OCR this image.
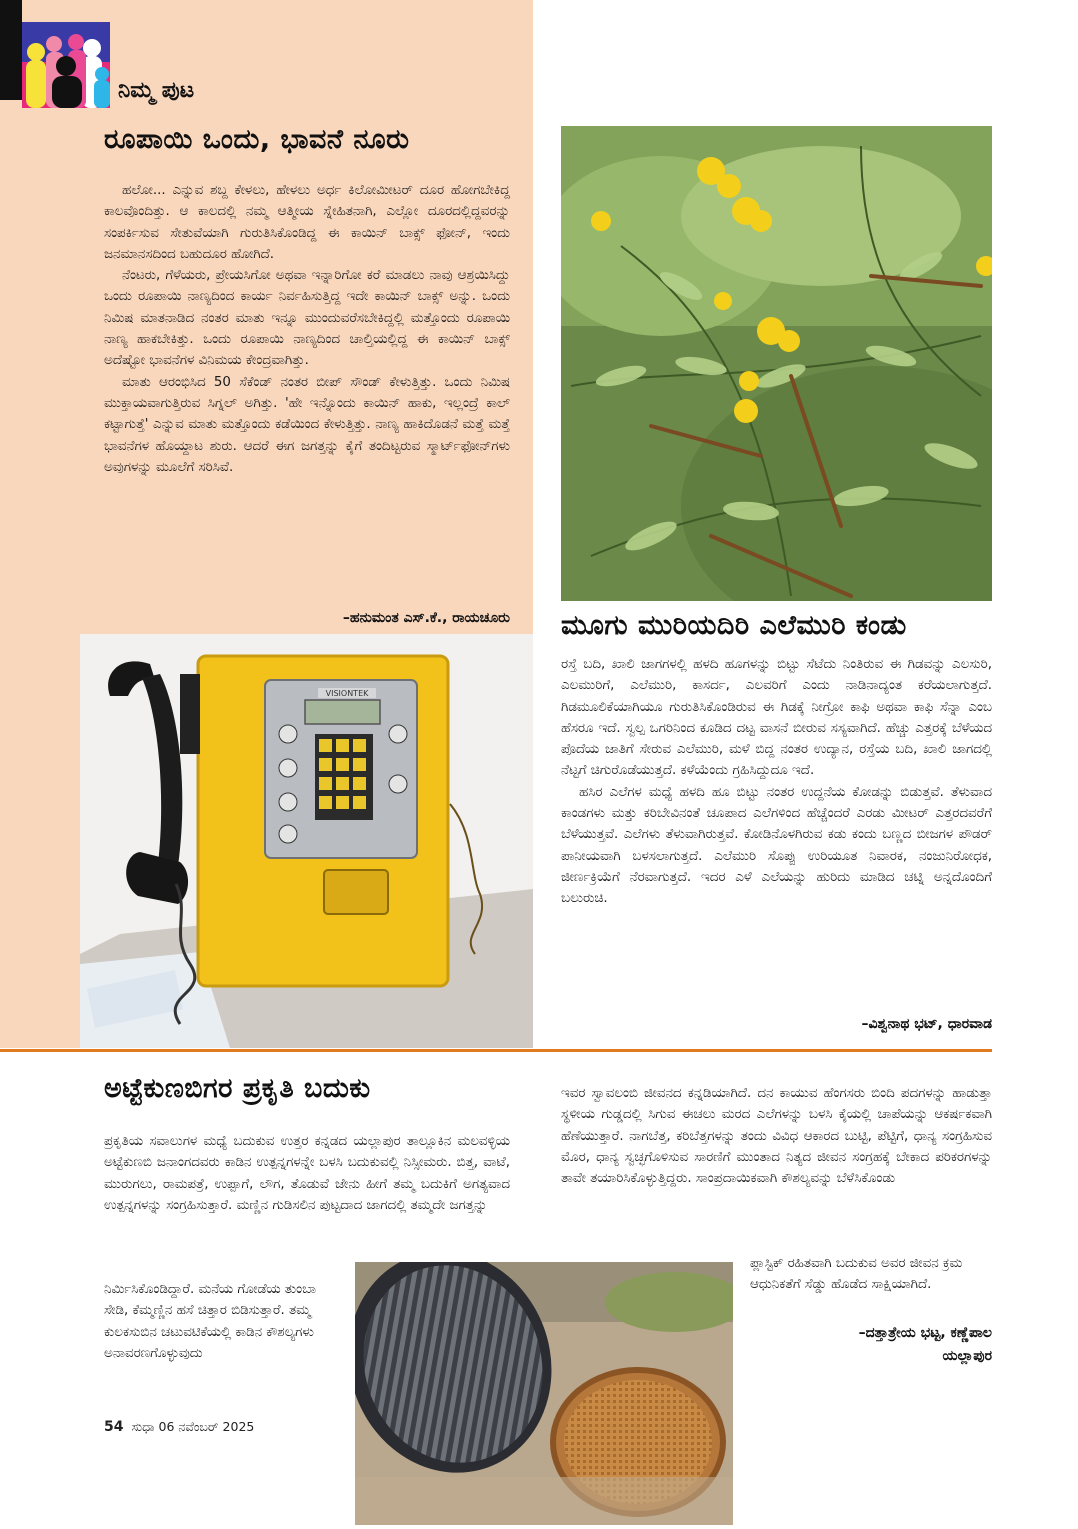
ನಿಮ್ಮ ಪುಟ
ರೂಪಾಯಿ ಒಂದು, ಭಾವನೆ ನೂರು

ಹಲೋ... ಎನ್ನುವ ಶಬ್ದ ಕೇಳಲು, ಹೇಳಲು ಅರ್ಧ ಕಿಲೋಮೀಟರ್ ದೂರ ಹೋಗಬೇಕಿದ್ದ ಕಾಲವೊಂದಿತ್ತು. ಆ ಕಾಲದಲ್ಲಿ ನಮ್ಮ ಆತ್ಮೀಯ ಸ್ನೇಹಿತನಾಗಿ, ಎಲ್ಲೋ ದೂರದಲ್ಲಿದ್ದವರನ್ನು ಸಂಪರ್ಕಿಸುವ ಸೇತುವೆಯಾಗಿ ಗುರುತಿಸಿಕೊಂಡಿದ್ದ ಈ ಕಾಯಿನ್ ಬಾಕ್ಸ್ ಫೋನ್, ಇಂದು ಜನಮಾನಸದಿಂದ ಬಹುದೂರ ಹೋಗಿದೆ.

ನೆಂಟರು, ಗೆಳೆಯರು, ಪ್ರೇಯಸಿಗೋ ಅಥವಾ ಇನ್ನಾರಿಗೋ ಕರೆ ಮಾಡಲು ನಾವು ಆಶ್ರಯಿಸಿದ್ದು ಒಂದು ರೂಪಾಯಿ ನಾಣ್ಯದಿಂದ ಕಾರ್ಯ ನಿರ್ವಹಿಸುತ್ತಿದ್ದ ಇದೇ ಕಾಯಿನ್ ಬಾಕ್ಸ್ ಅನ್ನು. ಒಂದು ನಿಮಿಷ ಮಾತನಾಡಿದ ನಂತರ ಮಾತು ಇನ್ನೂ ಮುಂದುವರೆಸಬೇಕಿದ್ದಲ್ಲಿ ಮತ್ತೊಂದು ರೂಪಾಯಿ ನಾಣ್ಯ ಹಾಕಬೇಕಿತ್ತು. ಒಂದು ರೂಪಾಯಿ ನಾಣ್ಯದಿಂದ ಚಾಲ್ತಿಯಲ್ಲಿದ್ದ ಈ ಕಾಯಿನ್ ಬಾಕ್ಸ್ ಅದೆಷ್ಟೋ ಭಾವನೆಗಳ ವಿನಿಮಯ ಕೇಂದ್ರವಾಗಿತ್ತು.

ಮಾತು ಆರಂಭಿಸಿದ 50 ಸೆಕೆಂಡ್ ನಂತರ ಬೀಪ್ ಸೌಂಡ್ ಕೇಳುತ್ತಿತ್ತು. ಒಂದು ನಿಮಿಷ ಮುಕ್ತಾಯವಾಗುತ್ತಿರುವ ಸಿಗ್ನಲ್ ಅಗಿತ್ತು. 'ಹೇ ಇನ್ನೊಂದು ಕಾಯಿನ್ ಹಾಕು, ಇಲ್ಲಂದ್ರೆ ಕಾಲ್ ಕಟ್ಟಾಗುತ್ತೆ' ಎನ್ನುವ ಮಾತು ಮತ್ತೊಂದು ಕಡೆಯಿಂದ ಕೇಳುತ್ತಿತ್ತು. ನಾಣ್ಯ ಹಾಕಿದೊಡನೆ ಮತ್ತೆ ಮತ್ತೆ ಭಾವನೆಗಳ ಹೊಯ್ದಾಟ ಶುರು. ಆದರೆ ಈಗ ಜಗತ್ತನ್ನು ಕೈಗೆ ತಂದಿಟ್ಟರುವ ಸ್ಮಾರ್ಟ್‌ಫೋನ್‌ಗಳು ಅವುಗಳನ್ನು ಮೂಲೆಗೆ ಸರಿಸಿವೆ.

–ಹನುಮಂತ ಎಸ್.ಕೆ., ರಾಯಚೂರು
VISIONTEK
ಮೂಗು ಮುರಿಯದಿರಿ ಎಲೆಮುರಿ ಕಂಡು

ರಸ್ತೆ ಬದಿ, ಖಾಲಿ ಜಾಗಗಳಲ್ಲಿ ಹಳದಿ ಹೂಗಳನ್ನು ಬಿಟ್ಟು ಸೆಟೆದು ನಿಂತಿರುವ ಈ ಗಿಡವನ್ನು ಎಲಸುರಿ, ಎಲಮುರಿಗೆ, ಎಲೆಮುರಿ, ಕಾಸರ್ದ, ಎಲವರಿಗೆ ಎಂದು ನಾಡಿನಾದ್ಯಂತ ಕರೆಯಲಾಗುತ್ತದೆ. ಗಿಡಮೂಲಿಕೆಯಾಗಿಯೂ ಗುರುತಿಸಿಕೊಂಡಿರುವ ಈ ಗಿಡಕ್ಕೆ ನೀಗ್ರೋ ಕಾಫಿ ಅಥವಾ ಕಾಫಿ ಸೆನ್ನಾ ಎಂಬ ಹೆಸರೂ ಇದೆ. ಸ್ವಲ್ಪ ಒಗರಿನಿಂದ ಕೂಡಿದ ದಟ್ಟ ವಾಸನೆ ಬೀರುವ ಸಸ್ಯವಾಗಿದೆ. ಹೆಚ್ಚು ಎತ್ತರಕ್ಕೆ ಬೆಳೆಯದ ಪೊದೆಯ ಜಾತಿಗೆ ಸೇರುವ ಎಲೆಮುರಿ, ಮಳೆ ಬಿದ್ದ ನಂತರ ಉದ್ಯಾನ, ರಸ್ತೆಯ ಬದಿ, ಖಾಲಿ ಜಾಗದಲ್ಲಿ ನೆಟ್ಟಗೆ ಚಿಗುರೊಡೆಯುತ್ತದೆ. ಕಳೆಯೆಂದು ಗ್ರಹಿಸಿದ್ದುದೂ ಇದೆ.

ಹಸಿರ ಎಲೆಗಳ ಮಧ್ಯೆ ಹಳದಿ ಹೂ ಬಿಟ್ಟು ನಂತರ ಉದ್ದನೆಯ ಕೋಡನ್ನು ಬಿಡುತ್ತವೆ. ತೆಳುವಾದ ಕಾಂಡಗಳು ಮತ್ತು ಕರಿಬೇವಿನಂತೆ ಚೂಪಾದ ಎಲೆಗಳಿಂದ ಹೆಚ್ಚೆಂದರೆ ಎರಡು ಮೀಟರ್ ಎತ್ತರದವರೆಗೆ ಬೆಳೆಯುತ್ತವೆ. ಎಲೆಗಳು ತೆಳುವಾಗಿರುತ್ತವೆ. ಕೋಡಿನೊಳಗಿರುವ ಕಡು ಕಂದು ಬಣ್ಣದ ಬೀಜಗಳ ಪೌಡರ್ ಪಾನೀಯವಾಗಿ ಬಳಸಲಾಗುತ್ತದೆ. ಎಲೆಮುರಿ ಸೊಪ್ಪು ಉರಿಯೂತ ನಿವಾರಕ, ನಂಜುನಿರೋಧಕ, ಜೀರ್ಣಕ್ರಿಯೆಗೆ ನೆರವಾಗುತ್ತದೆ. ಇದರ ಎಳೆ ಎಲೆಯನ್ನು ಹುರಿದು ಮಾಡಿದ ಚಟ್ನಿ ಅನ್ನದೊಂದಿಗೆ ಬಲುರುಚಿ.

–ವಿಶ್ವನಾಥ ಭಟ್, ಧಾರವಾಡ
ಅಟ್ಟೆಕುಣಬಿಗರ ಪ್ರಕೃತಿ ಬದುಕು
ಪ್ರಕೃತಿಯ ಸವಾಲುಗಳ ಮಧ್ಯೆ ಬದುಕುವ ಉತ್ತರ ಕನ್ನಡದ ಯಲ್ಲಾಪುರ ತಾಲ್ಲೂಕಿನ ಮಲವಳ್ಳಿಯ ಅಟ್ಟೆಕುಣಬಿ ಜನಾಂಗದವರು ಕಾಡಿನ ಉತ್ಪನ್ನಗಳನ್ನೇ ಬಳಸಿ ಬದುಕುವಲ್ಲಿ ನಿಸ್ಸೀಮರು. ಬಿತ್ತ, ವಾಟೆ, ಮುರುಗಲು, ರಾಮಪತ್ರೆ, ಉಪ್ಪಾಗೆ, ಲೌಗ, ತೊಡುವೆ ಜೇನು ಹೀಗೆ ತಮ್ಮ ಬದುಕಿಗೆ ಅಗತ್ಯವಾದ ಉತ್ಪನ್ನಗಳನ್ನು ಸಂಗ್ರಹಿಸುತ್ತಾರೆ. ಮಣ್ಣಿನ ಗುಡಿಸಲಿನ ಪುಟ್ಟದಾದ ಜಾಗದಲ್ಲಿ ತಮ್ಮದೇ ಜಗತ್ತನ್ನು
ನಿರ್ಮಿಸಿಕೊಂಡಿದ್ದಾರೆ. ಮನೆಯ ಗೋಡೆಯ ತುಂಬಾ ಸೇಡಿ, ಕೆಮ್ಮಣ್ಣಿನ ಹಸೆ ಚಿತ್ತಾರ ಬಿಡಿಸುತ್ತಾರೆ. ತಮ್ಮ ಕುಲಕಸುಬಿನ ಚಟುವಟಿಕೆಯಲ್ಲಿ ಕಾಡಿನ ಕೌಶಲ್ಯಗಳು ಅನಾವರಣಗೊಳ್ಳುವುದು
ಇವರ ಸ್ವಾವಲಂಬಿ ಜೀವನದ ಕನ್ನಡಿಯಾಗಿದೆ. ದನ ಕಾಯುವ ಹೆಂಗಸರು ಬಿಂದಿ ಪದಗಳನ್ನು ಹಾಡುತ್ತಾ ಸ್ಥಳೀಯ ಗುಡ್ಡದಲ್ಲಿ ಸಿಗುವ ಈಚಲು ಮರದ ಎಲೆಗಳನ್ನು ಬಳಸಿ ಕೈಯಲ್ಲಿ ಚಾಪೆಯನ್ನು ಆಕರ್ಷಕವಾಗಿ ಹೆಣೆಯುತ್ತಾರೆ. ನಾಗಬೆತ್ತ, ಕರಿಬೆತ್ತಗಳನ್ನು ತಂದು ವಿವಿಧ ಆಕಾರದ ಬುಟ್ಟಿ, ಪೆಟ್ಟಿಗೆ, ಧಾನ್ಯ ಸಂಗ್ರಹಿಸುವ ಮೊರ, ಧಾನ್ಯ ಸ್ವಚ್ಛಗೊಳಿಸುವ ಸಾರಣಿಗೆ ಮುಂತಾದ ನಿತ್ಯದ ಜೀವನ ಸಂಗ್ರಹಕ್ಕೆ ಬೇಕಾದ ಪರಿಕರಗಳನ್ನು ತಾವೇ ತಯಾರಿಸಿಕೊಳ್ಳುತ್ತಿದ್ದರು. ಸಾಂಪ್ರದಾಯಿಕವಾಗಿ ಕೌಶಲ್ಯವನ್ನು ಬೆಳೆಸಿಕೊಂಡು
ಪ್ಲಾಸ್ಟಿಕ್ ರಹಿತವಾಗಿ ಬದುಕುವ ಅವರ ಜೀವನ ಕ್ರಮ ಆಧುನಿಕತೆಗೆ ಸೆಡ್ಡು ಹೊಡೆದ ಸಾಕ್ಷಿಯಾಗಿದೆ.
–ದತ್ತಾತ್ರೇಯ ಭಟ್ಟ, ಕಣ್ಣೆಪಾಲ
ಯಲ್ಲಾಪುರ
54 ಸುಧಾ 06 ನವೆಂಬರ್ 2025
